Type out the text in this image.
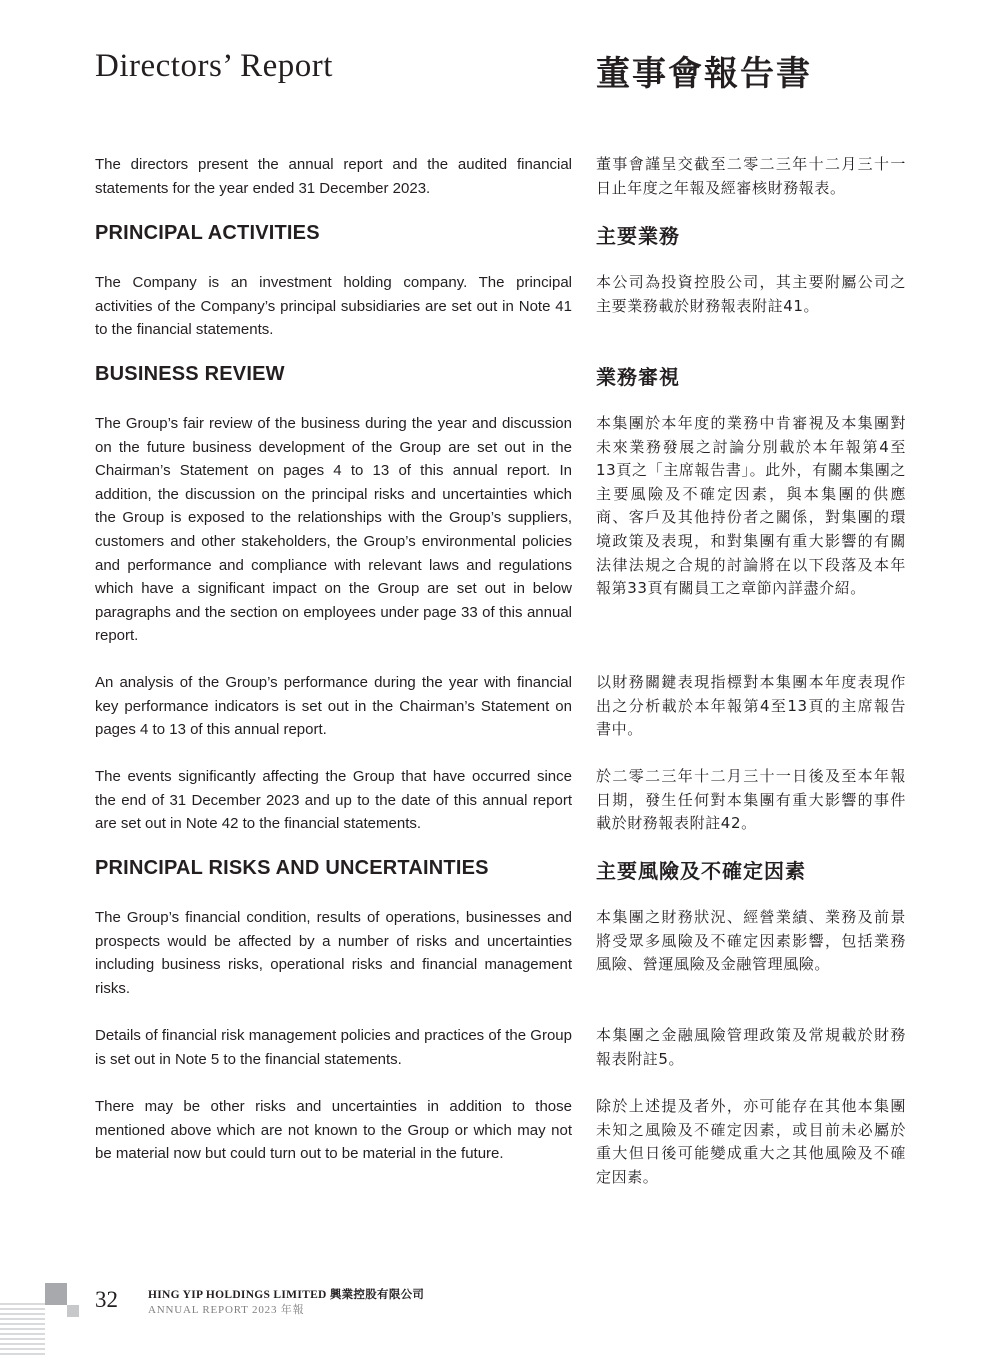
Directors’ Report	董事會報告書

The directors present the annual report and the audited financial statements for the year ended 31 December 2023.

董事會謹呈交截至二零二三年十二月三十一日止年度之年報及經審核財務報表。

PRINCIPAL ACTIVITIES	主要業務

The Company is an investment holding company. The principal activities of the Company’s principal subsidiaries are set out in Note 41 to the financial statements.

本公司為投資控股公司，其主要附屬公司之主要業務載於財務報表附註41。

BUSINESS REVIEW	業務審視

The Group’s fair review of the business during the year and discussion on the future business development of the Group are set out in the Chairman’s Statement on pages 4 to 13 of this annual report. In addition, the discussion on the principal risks and uncertainties which the Group is exposed to the relationships with the Group’s suppliers, customers and other stakeholders, the Group’s environmental policies and performance and compliance with relevant laws and regulations which have a significant impact on the Group are set out in below paragraphs and the section on employees under page 33 of this annual report.

本集團於本年度的業務中肯審視及本集團對未來業務發展之討論分別載於本年報第4至13頁之「主席報告書」。此外，有關本集團之主要風險及不確定因素，與本集團的供應商、客戶及其他持份者之關係，對集團的環境政策及表現，和對集團有重大影響的有關法律法規之合規的討論將在以下段落及本年報第33頁有關員工之章節內詳盡介紹。

An analysis of the Group’s performance during the year with financial key performance indicators is set out in the Chairman’s Statement on pages 4 to 13 of this annual report.

以財務關鍵表現指標對本集團本年度表現作出之分析載於本年報第4至13頁的主席報告書中。

The events significantly affecting the Group that have occurred since the end of 31 December 2023 and up to the date of this annual report are set out in Note 42 to the financial statements.

於二零二三年十二月三十一日後及至本年報日期，發生任何對本集團有重大影響的事件載於財務報表附註42。

PRINCIPAL RISKS AND UNCERTAINTIES	主要風險及不確定因素

The Group’s financial condition, results of operations, businesses and prospects would be affected by a number of risks and uncertainties including business risks, operational risks and financial management risks.

本集團之財務狀況、經營業績、業務及前景將受眾多風險及不確定因素影響，包括業務風險、營運風險及金融管理風險。

Details of financial risk management policies and practices of the Group is set out in Note 5 to the financial statements.

本集團之金融風險管理政策及常規載於財務報表附註5。

There may be other risks and uncertainties in addition to those mentioned above which are not known to the Group or which may not be material now but could turn out to be material in the future.

除於上述提及者外，亦可能存在其他本集團未知之風險及不確定因素，或目前未必屬於重大但日後可能變成重大之其他風險及不確定因素。

32	HING YIP HOLDINGS LIMITED 興業控股有限公司
ANNUAL REPORT 2023 年報
